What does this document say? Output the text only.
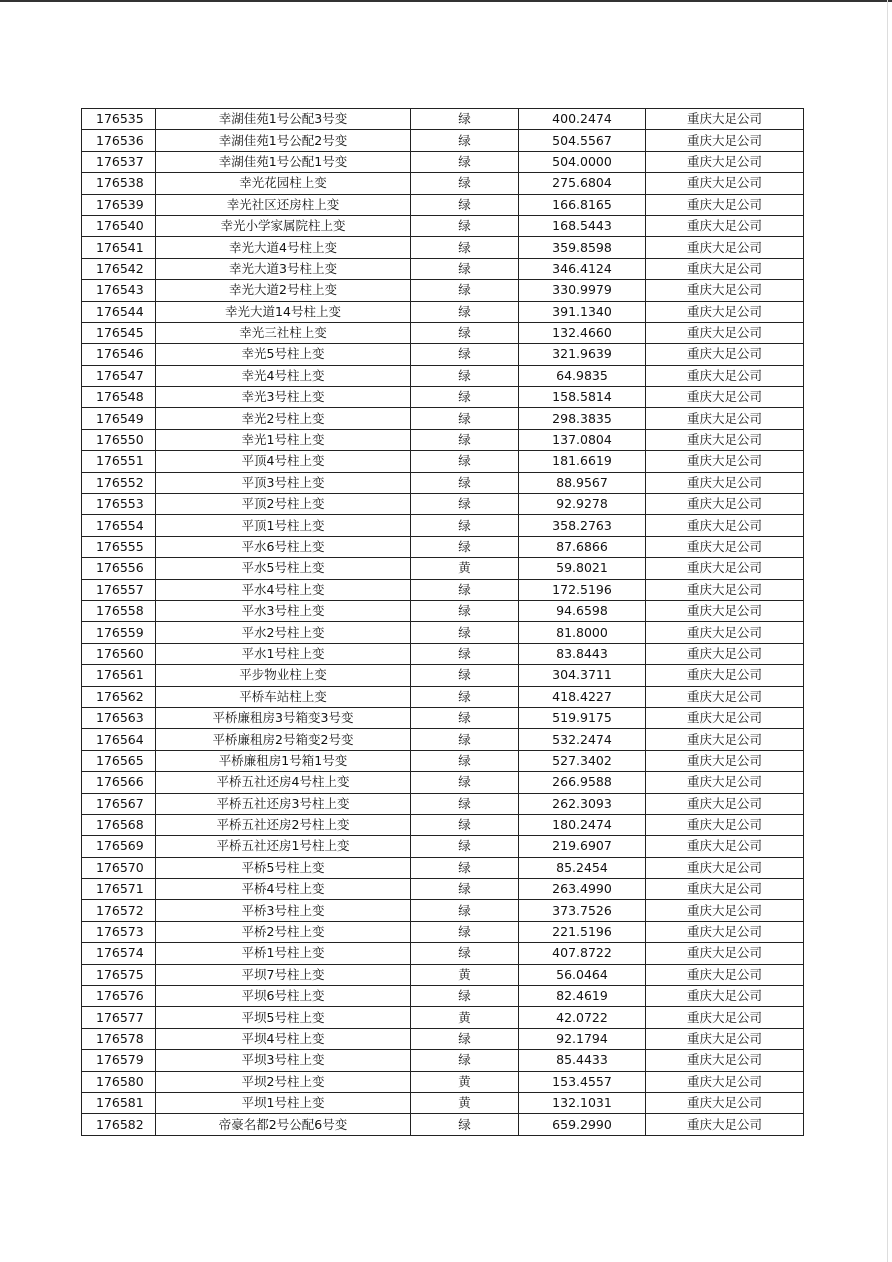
176535	幸湖佳苑1号公配3号变	绿	400.2474	重庆大足公司
176536	幸湖佳苑1号公配2号变	绿	504.5567	重庆大足公司
176537	幸湖佳苑1号公配1号变	绿	504.0000	重庆大足公司
176538	幸光花园柱上变	绿	275.6804	重庆大足公司
176539	幸光社区还房柱上变	绿	166.8165	重庆大足公司
176540	幸光小学家属院柱上变	绿	168.5443	重庆大足公司
176541	幸光大道4号柱上变	绿	359.8598	重庆大足公司
176542	幸光大道3号柱上变	绿	346.4124	重庆大足公司
176543	幸光大道2号柱上变	绿	330.9979	重庆大足公司
176544	幸光大道14号柱上变	绿	391.1340	重庆大足公司
176545	幸光三社柱上变	绿	132.4660	重庆大足公司
176546	幸光5号柱上变	绿	321.9639	重庆大足公司
176547	幸光4号柱上变	绿	64.9835	重庆大足公司
176548	幸光3号柱上变	绿	158.5814	重庆大足公司
176549	幸光2号柱上变	绿	298.3835	重庆大足公司
176550	幸光1号柱上变	绿	137.0804	重庆大足公司
176551	平顶4号柱上变	绿	181.6619	重庆大足公司
176552	平顶3号柱上变	绿	88.9567	重庆大足公司
176553	平顶2号柱上变	绿	92.9278	重庆大足公司
176554	平顶1号柱上变	绿	358.2763	重庆大足公司
176555	平水6号柱上变	绿	87.6866	重庆大足公司
176556	平水5号柱上变	黄	59.8021	重庆大足公司
176557	平水4号柱上变	绿	172.5196	重庆大足公司
176558	平水3号柱上变	绿	94.6598	重庆大足公司
176559	平水2号柱上变	绿	81.8000	重庆大足公司
176560	平水1号柱上变	绿	83.8443	重庆大足公司
176561	平步物业柱上变	绿	304.3711	重庆大足公司
176562	平桥车站柱上变	绿	418.4227	重庆大足公司
176563	平桥廉租房3号箱变3号变	绿	519.9175	重庆大足公司
176564	平桥廉租房2号箱变2号变	绿	532.2474	重庆大足公司
176565	平桥廉租房1号箱1号变	绿	527.3402	重庆大足公司
176566	平桥五社还房4号柱上变	绿	266.9588	重庆大足公司
176567	平桥五社还房3号柱上变	绿	262.3093	重庆大足公司
176568	平桥五社还房2号柱上变	绿	180.2474	重庆大足公司
176569	平桥五社还房1号柱上变	绿	219.6907	重庆大足公司
176570	平桥5号柱上变	绿	85.2454	重庆大足公司
176571	平桥4号柱上变	绿	263.4990	重庆大足公司
176572	平桥3号柱上变	绿	373.7526	重庆大足公司
176573	平桥2号柱上变	绿	221.5196	重庆大足公司
176574	平桥1号柱上变	绿	407.8722	重庆大足公司
176575	平坝7号柱上变	黄	56.0464	重庆大足公司
176576	平坝6号柱上变	绿	82.4619	重庆大足公司
176577	平坝5号柱上变	黄	42.0722	重庆大足公司
176578	平坝4号柱上变	绿	92.1794	重庆大足公司
176579	平坝3号柱上变	绿	85.4433	重庆大足公司
176580	平坝2号柱上变	黄	153.4557	重庆大足公司
176581	平坝1号柱上变	黄	132.1031	重庆大足公司
176582	帝豪名都2号公配6号变	绿	659.2990	重庆大足公司
